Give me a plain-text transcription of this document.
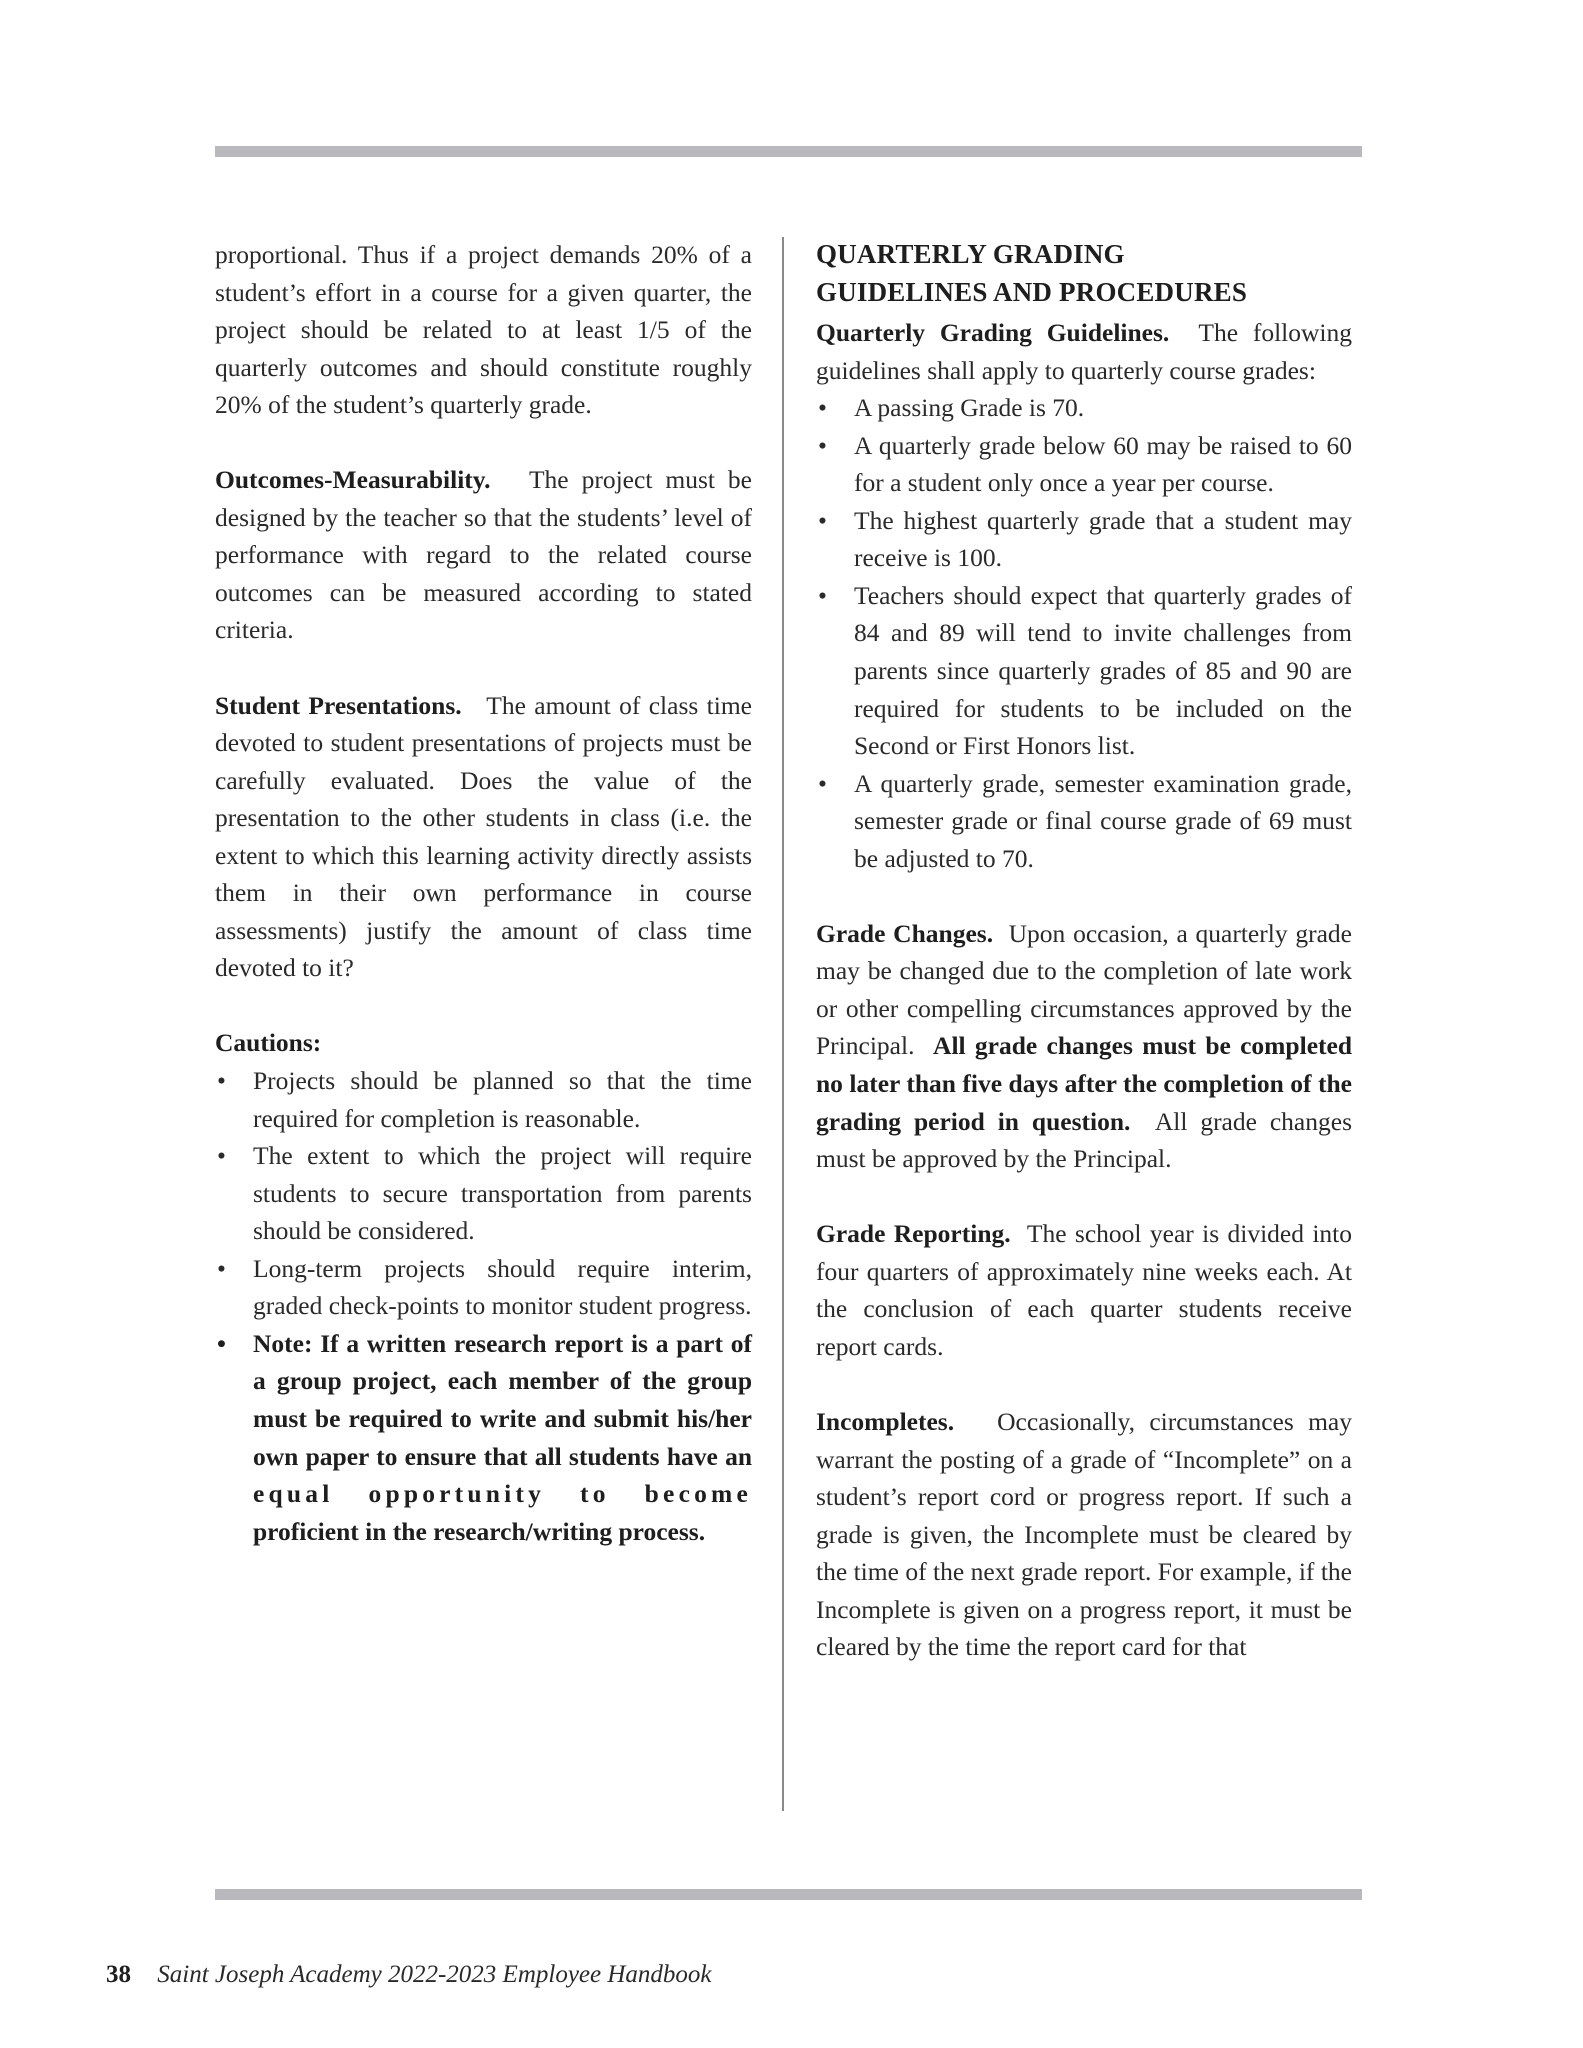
proportional. Thus if a project demands 20% of a student’s effort in a course for a given quarter, the project should be related to at least 1/5 of the quarterly outcomes and should constitute roughly 20% of the student’s quarterly grade.

Outcomes-Measurability. The project must be designed by the teacher so that the students’ level of performance with regard to the related course outcomes can be measured according to stated criteria.

Student Presentations. The amount of class time devoted to student presentations of projects must be carefully evaluated. Does the value of the presentation to the other students in class (i.e. the extent to which this learning activity directly assists them in their own performance in course assessments) justify the amount of class time devoted to it?

Cautions:

•	Projects should be planned so that the time required for completion is reasonable.
•	The extent to which the project will require students to secure transportation from parents should be considered.
•	Long-term projects should require interim, graded check-points to monitor student progress.
•	Note: If a written research report is a part of a group project, each member of the group must be required to write and submit his/her own paper to ensure that all students have an equal opportunity to become proficient in the research/writing process.
QUARTERLY GRADING
GUIDELINES AND PROCEDURES

Quarterly Grading Guidelines. The following guidelines shall apply to quarterly course grades:

•	A passing Grade is 70.
•	A quarterly grade below 60 may be raised to 60 for a student only once a year per course.
•	The highest quarterly grade that a student may receive is 100.
•	Teachers should expect that quarterly grades of 84 and 89 will tend to invite challenges from parents since quarterly grades of 85 and 90 are required for students to be included on the Second or First Honors list.
•	A quarterly grade, semester examination grade, semester grade or final course grade of 69 must be adjusted to 70.

Grade Changes. Upon occasion, a quarterly grade may be changed due to the completion of late work or other compelling circumstances approved by the Principal. All grade changes must be completed no later than five days after the completion of the grading period in question. All grade changes must be approved by the Principal.

Grade Reporting. The school year is divided into four quarters of approximately nine weeks each. At the conclusion of each quarter students receive report cards.

Incompletes. Occasionally, circumstances may warrant the posting of a grade of “Incomplete” on a student’s report cord or progress report. If such a grade is given, the Incomplete must be cleared by the time of the next grade report. For example, if the Incomplete is given on a progress report, it must be cleared by the time the report card for that

38 Saint Joseph Academy 2022-2023 Employee Handbook
